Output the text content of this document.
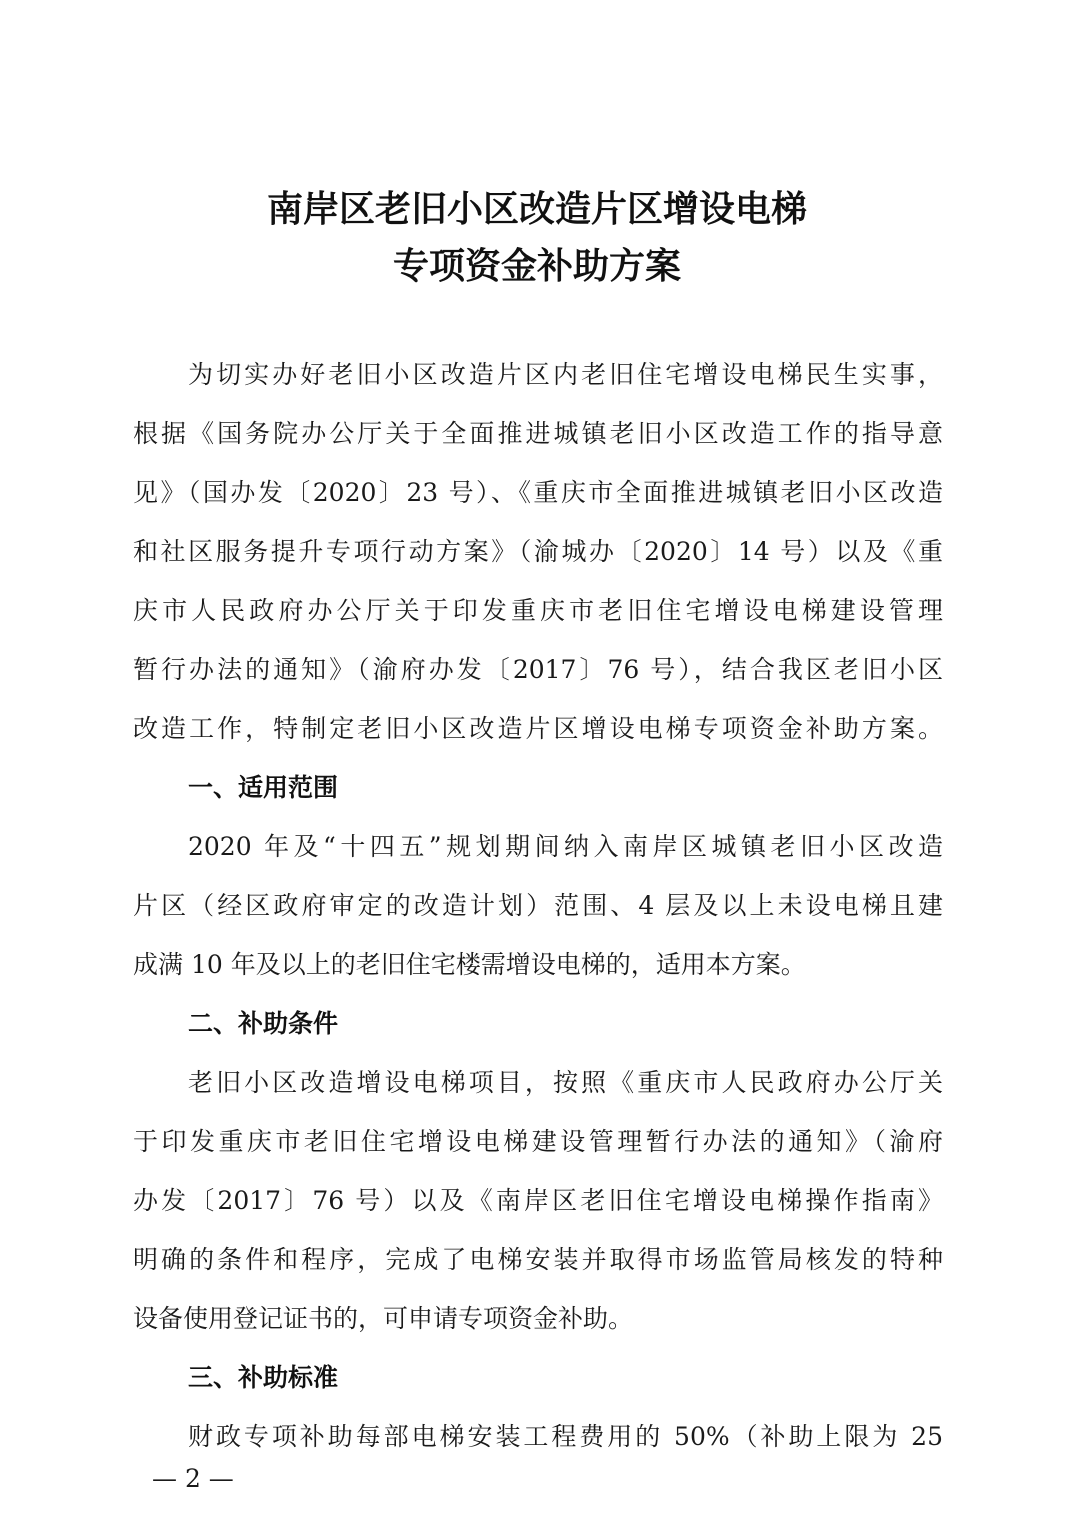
南岸区老旧小区改造片区增设电梯
专项资金补助方案
为切实办好老旧小区改造片区内老旧住宅增设电梯民生实事，
根据《国务院办公厅关于全面推进城镇老旧小区改造工作的指导意
见》（国办发〔2020〕23 号）、《重庆市全面推进城镇老旧小区改造
和社区服务提升专项行动方案》（渝城办〔2020〕14 号）以及《重
庆市人民政府办公厅关于印发重庆市老旧住宅增设电梯建设管理
暂行办法的通知》（渝府办发〔2017〕76 号），结合我区老旧小区
改造工作，特制定老旧小区改造片区增设电梯专项资金补助方案。
一、适用范围
2020 年及“十四五”规划期间纳入南岸区城镇老旧小区改造
片区（经区政府审定的改造计划）范围、4 层及以上未设电梯且建
成满 10 年及以上的老旧住宅楼需增设电梯的，适用本方案。
二、补助条件
老旧小区改造增设电梯项目，按照《重庆市人民政府办公厅关
于印发重庆市老旧住宅增设电梯建设管理暂行办法的通知》（渝府
办发〔2017〕76 号）以及《南岸区老旧住宅增设电梯操作指南》
明确的条件和程序，完成了电梯安装并取得市场监管局核发的特种
设备使用登记证书的，可申请专项资金补助。
三、补助标准
财政专项补助每部电梯安装工程费用的 50%（补助上限为 25
— 2 —
